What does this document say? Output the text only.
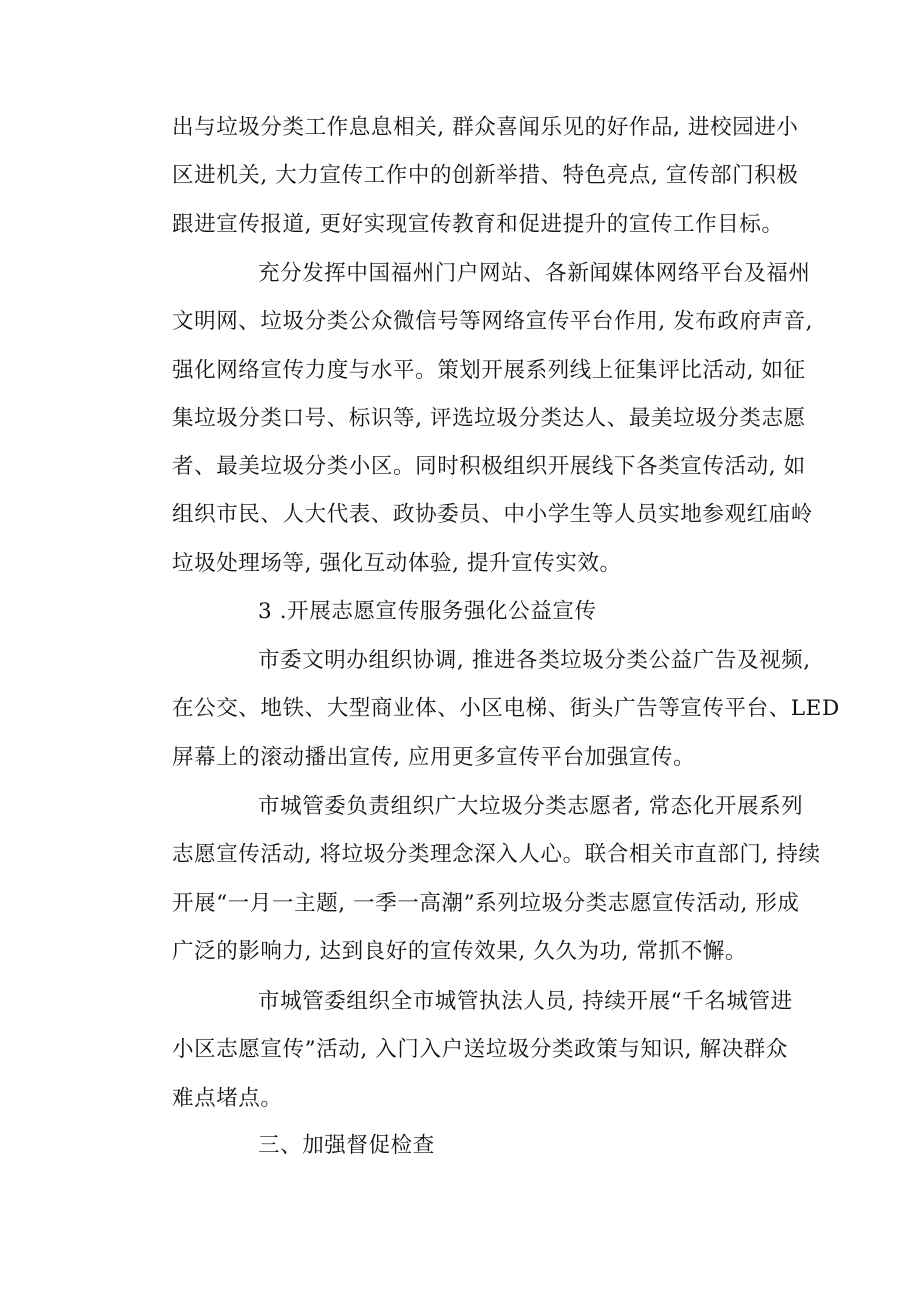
出与垃圾分类工作息息相关, 群众喜闻乐见的好作品, 进校园进小
区进机关, 大力宣传工作中的创新举措、特色亮点, 宣传部门积极
跟进宣传报道, 更好实现宣传教育和促进提升的宣传工作目标。

充分发挥中国福州门户网站、各新闻媒体网络平台及福州
文明网、垃圾分类公众微信号等网络宣传平台作用, 发布政府声音,
强化网络宣传力度与水平。策划开展系列线上征集评比活动, 如征
集垃圾分类口号、标识等, 评选垃圾分类达人、最美垃圾分类志愿
者、最美垃圾分类小区。同时积极组织开展线下各类宣传活动, 如
组织市民、人大代表、政协委员、中小学生等人员实地参观红庙岭
垃圾处理场等, 强化互动体验, 提升宣传实效。

3 .开展志愿宣传服务强化公益宣传

市委文明办组织协调, 推进各类垃圾分类公益广告及视频,
在公交、地铁、大型商业体、小区电梯、街头广告等宣传平台、LED
屏幕上的滚动播出宣传, 应用更多宣传平台加强宣传。

市城管委负责组织广大垃圾分类志愿者, 常态化开展系列
志愿宣传活动, 将垃圾分类理念深入人心。联合相关市直部门, 持续
开展“一月一主题, 一季一高潮”系列垃圾分类志愿宣传活动, 形成
广泛的影响力, 达到良好的宣传效果, 久久为功, 常抓不懈。

市城管委组织全市城管执法人员, 持续开展“千名城管进
小区志愿宣传”活动, 入门入户送垃圾分类政策与知识, 解决群众
难点堵点。

三、加强督促检查
